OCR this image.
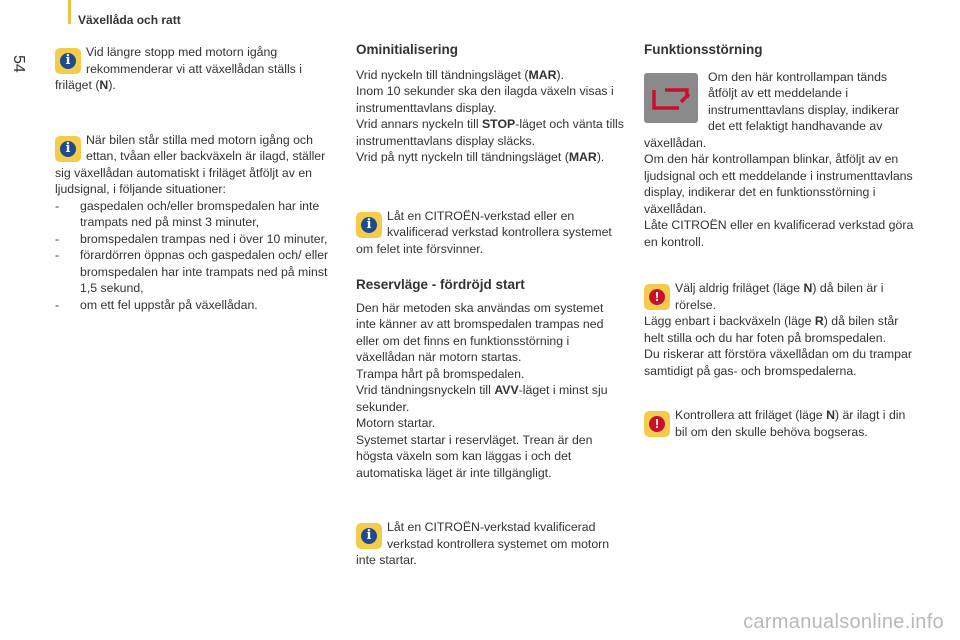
Växellåda och ratt
54	i
Vid längre stopp med motorn igång rekommenderar vi att växellådan ställs i friläget (N).

i
När bilen står stilla med motorn igång och ettan, tvåan eller backväxeln är ilagd, ställer sig växellådan automatiskt i friläget åtföljt av en ljudsignal, i följande situationer:

- gaspedalen och/eller bromspedalen har inte trampats ned på minst 3 minuter,

- bromspedalen trampas ned i över 10 minuter,

- förardörren öppnas och gaspedalen och/ eller bromspedalen har inte trampats ned på minst 1,5 sekund,

- om ett fel uppstår på växellådan.

Ominitialisering

Vrid nyckeln till tändningsläget (MAR).
Inom 10 sekunder ska den ilagda växeln visas i instrumenttavlans display.
Vrid annars nyckeln till STOP-läget och vänta tills instrumenttavlans display släcks.
Vrid på nytt nyckeln till tändningsläget (MAR).

i
Låt en CITROËN-verkstad eller en kvalificerad verkstad kontrollera systemet om felet inte försvinner.

Reservläge - fördröjd start

Den här metoden ska användas om systemet inte känner av att bromspedalen trampas ned eller om det finns en funktionsstörning i växellådan när motorn startas.
Trampa hårt på bromspedalen.
Vrid tändningsnyckeln till AVV-läget i minst sju sekunder.
Motorn startar.
Systemet startar i reservläget. Trean är den högsta växeln som kan läggas i och det automatiska läget är inte tillgängligt.

i
Låt en CITROËN-verkstad kvalificerad verkstad kontrollera systemet om motorn inte startar.

Funktionsstörning

Om den här kontrollampan tänds åtföljt av ett meddelande i instrumenttavlans display, indikerar det ett felaktigt handhavande av växellådan.
Om den här kontrollampan blinkar, åtföljt av en ljudsignal och ett meddelande i instrumenttavlans display, indikerar det en funktionsstörning i växellådan.
Låte CITROËN eller en kvalificerad verkstad göra en kontroll.

!
Välj aldrig friläget (läge N) då bilen är i rörelse.
Lägg enbart i backväxeln (läge R) då bilen står helt stilla och du har foten på bromspedalen.
Du riskerar att förstöra växellådan om du trampar samtidigt på gas- och bromspedalerna.

!
Kontrollera att friläget (läge N) är ilagt i din bil om den skulle behöva bogseras.

carmanualsonline.info
